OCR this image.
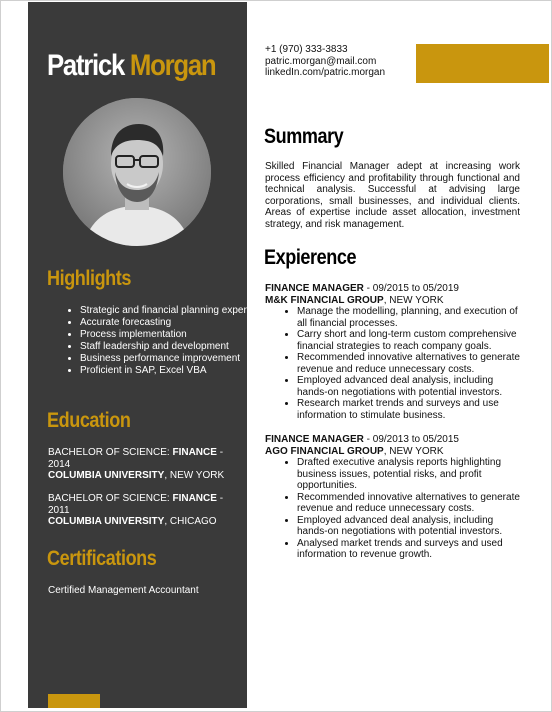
Patrick Morgan
Highlights
• Strategic and financial planning expert
• Accurate forecasting
• Process implementation
• Staff leadership and development
• Business performance improvement
• Proficient in SAP, Excel VBA
Education
BACHELOR OF SCIENCE: FINANCE - 2014
COLUMBIA UNIVERSITY, NEW YORK
BACHELOR OF SCIENCE: FINANCE - 2011
COLUMBIA UNIVERSITY, CHICAGO
Certifications
Certified Management Accountant
+1 (970) 333-3833
patric.morgan@mail.com
linkedIn.com/patric.morgan
Summary
Skilled Financial Manager adept at increasing work process efficiency and profitability through functional and technical analysis. Successful at advising large corporations, small businesses, and individual clients. Areas of expertise include asset allocation, investment strategy, and risk management.
Expierence
FINANCE MANAGER - 09/2015 to 05/2019
M&K FINANCIAL GROUP, NEW YORK
• Manage the modelling, planning, and execution of all financial processes.
• Carry short and long-term custom comprehensive financial strategies to reach company goals.
• Recommended innovative alternatives to generate revenue and reduce unnecessary costs.
• Employed advanced deal analysis, including hands-on negotiations with potential investors.
• Research market trends and surveys and use information to stimulate business.
FINANCE MANAGER - 09/2013 to 05/2015
AGO FINANCIAL GROUP, NEW YORK
• Drafted executive analysis reports highlighting business issues, potential risks, and profit opportunities.
• Recommended innovative alternatives to generate revenue and reduce unnecessary costs.
• Employed advanced deal analysis, including hands-on negotiations with potential investors.
• Analysed market trends and surveys and used information to revenue growth.
